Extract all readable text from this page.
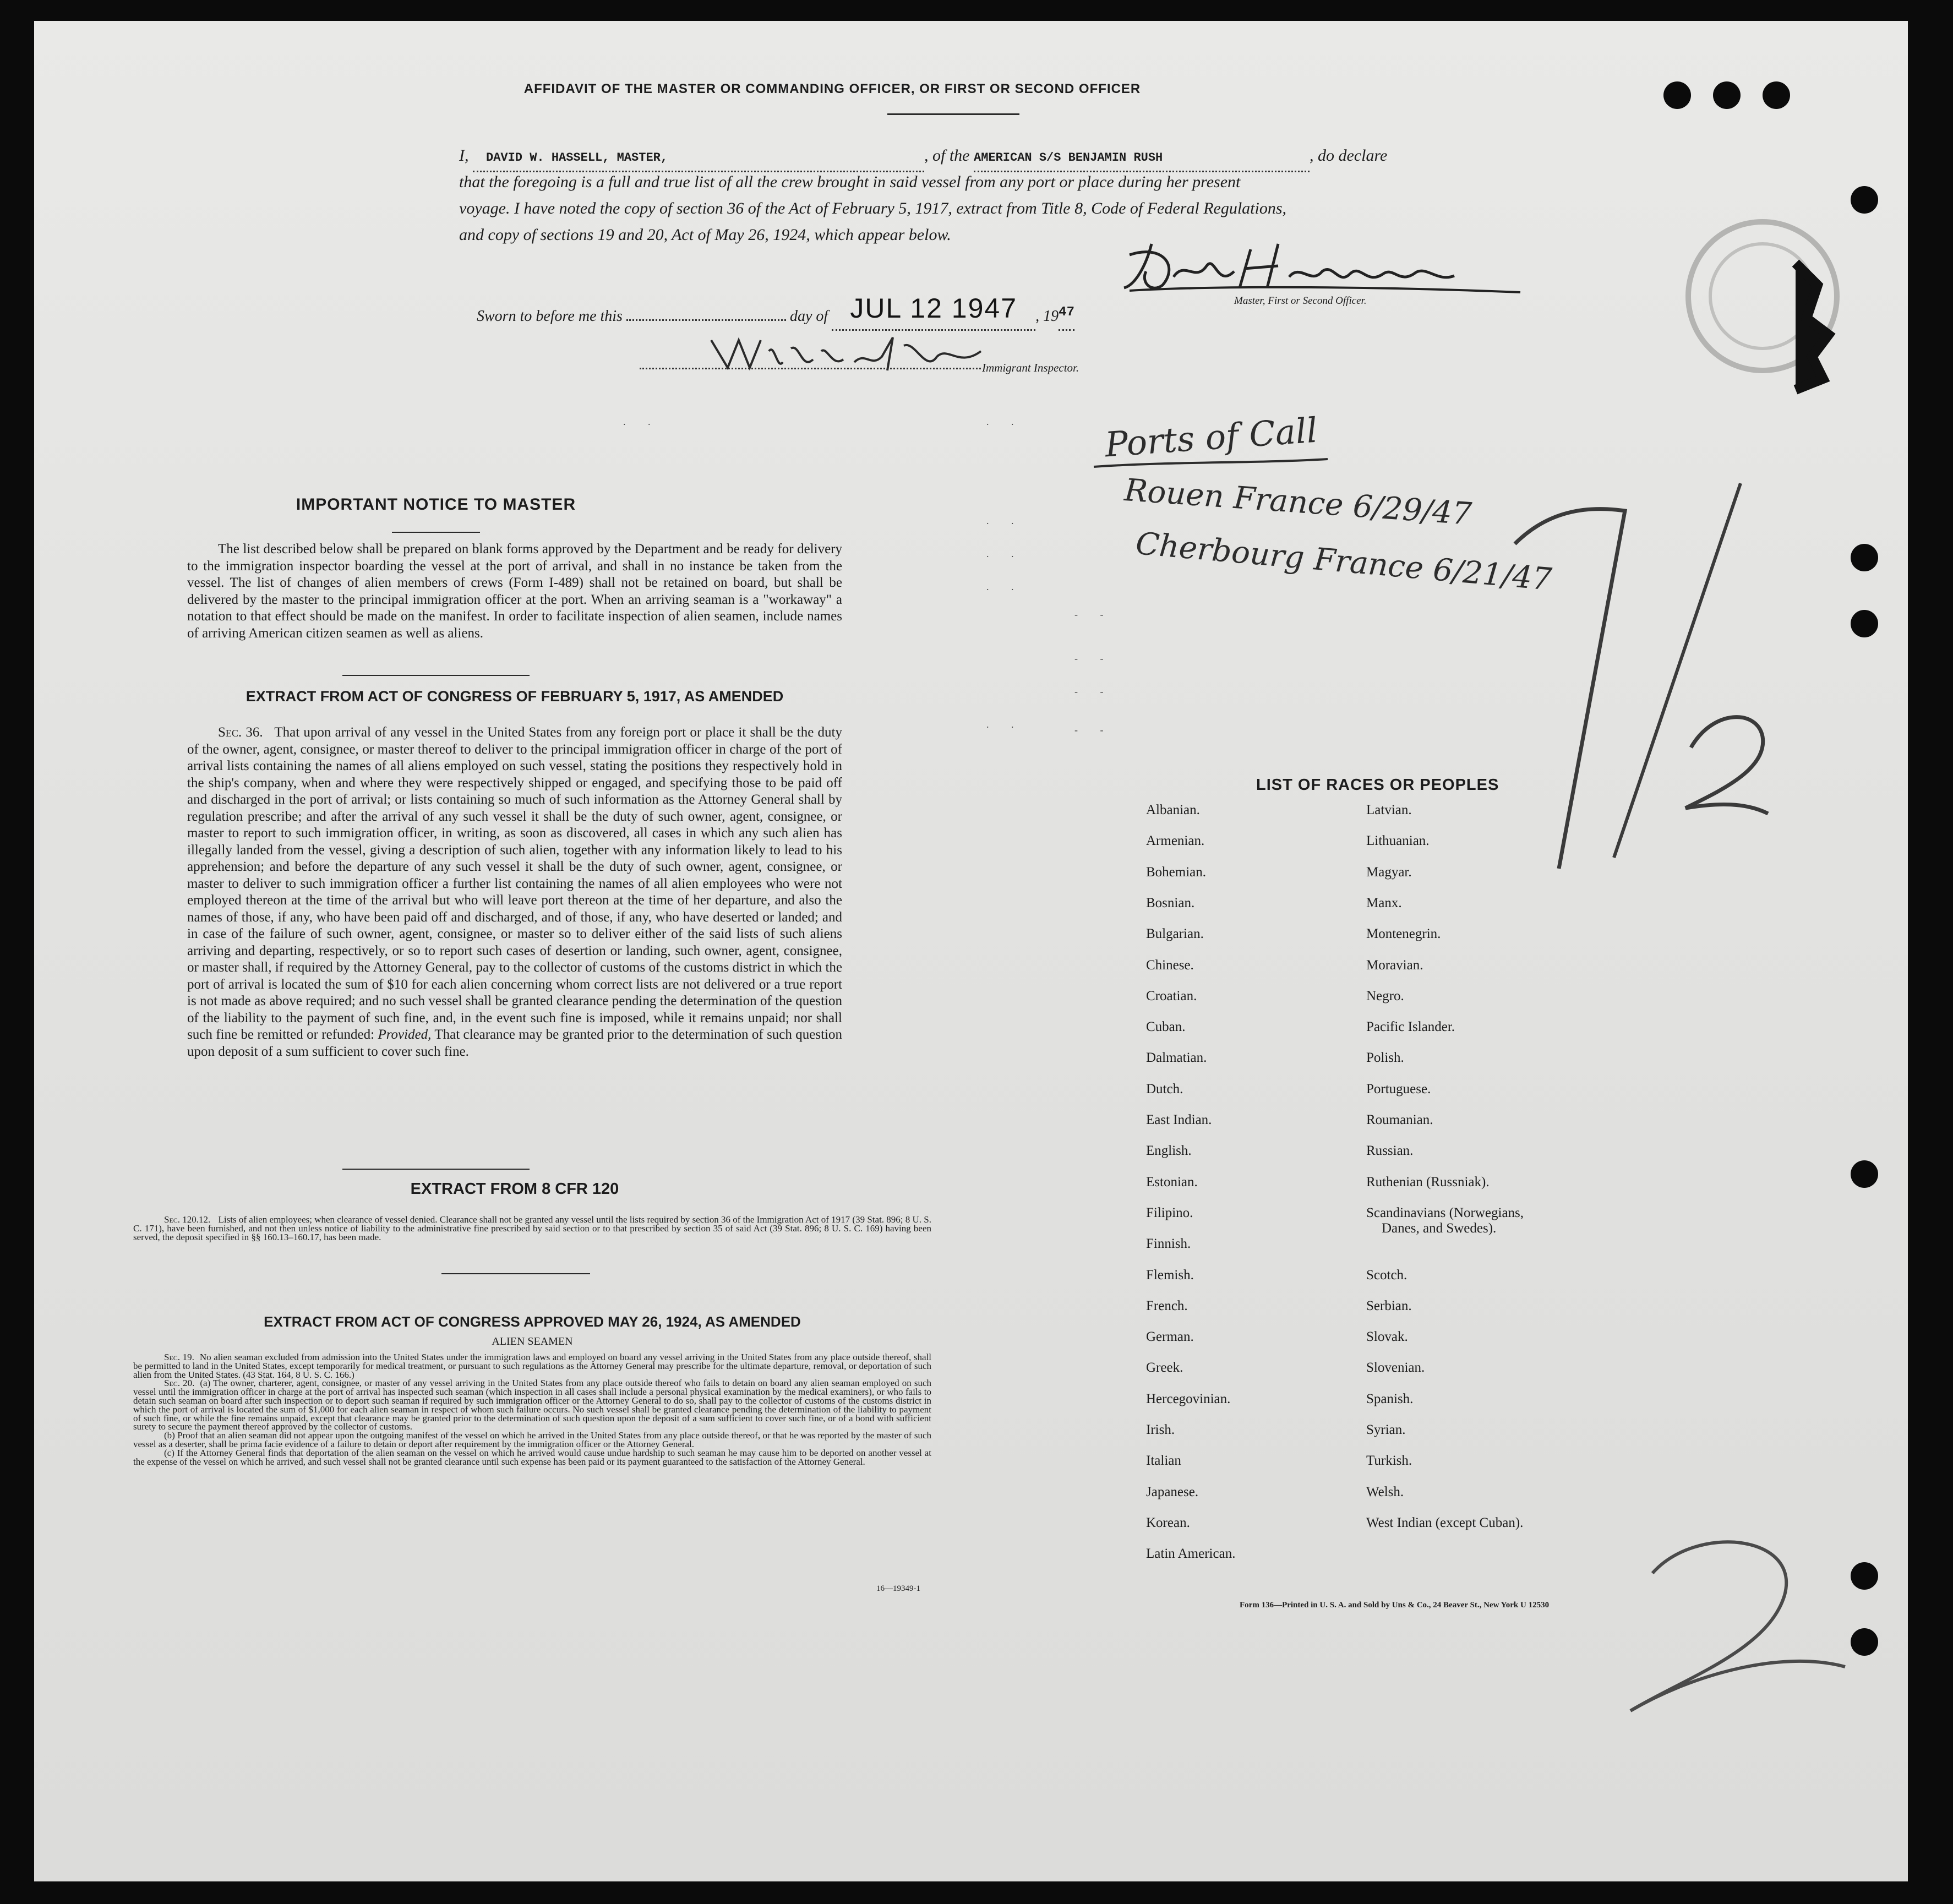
AFFIDAVIT OF THE MASTER OR COMMANDING OFFICER, OR FIRST OR SECOND OFFICER
I, DAVID W. HASSELL, MASTER,	, of the AMERICAN S/S BENJAMIN RUSH	, do declare
that the foregoing is a full and true list of all the crew brought in said vessel from any port or place during her present
voyage. I have noted the copy of section 36 of the Act of February 5, 1917, extract from Title 8, Code of Federal Regulations,
and copy of sections 19 and 20, Act of May 26, 1924, which appear below.
Master, First or Second Officer.
Sworn to before me this	day of JUL 12 1947 , 1947
Immigrant Inspector.
. .	. .
. .
. .
. .
. .
- -
- -
- -
- -
Ports of Call
Rouen France 6/29/47
Cherbourg France 6/21/47
IMPORTANT NOTICE TO MASTER
The list described below shall be prepared on blank forms approved by the Department and be ready for delivery to the immigration inspector boarding the vessel at the port of arrival, and shall in no instance be taken from the vessel. The list of changes of alien members of crews (Form I-489) shall not be retained on board, but shall be delivered by the master to the principal immigration officer at the port. When an arriving seaman is a "workaway" a notation to that effect should be made on the manifest. In order to facilitate inspection of alien seamen, include names of arriving American citizen seamen as well as aliens.
EXTRACT FROM ACT OF CONGRESS OF FEBRUARY 5, 1917, AS AMENDED
Sec. 36. That upon arrival of any vessel in the United States from any foreign port or place it shall be the duty of the owner, agent, consignee, or master thereof to deliver to the principal immigration officer in charge of the port of arrival lists containing the names of all aliens employed on such vessel, stating the positions they respectively hold in the ship's company, when and where they were respectively shipped or engaged, and specifying those to be paid off and discharged in the port of arrival; or lists containing so much of such information as the Attorney General shall by regulation prescribe; and after the arrival of any such vessel it shall be the duty of such owner, agent, consignee, or master to report to such immigration officer, in writing, as soon as discovered, all cases in which any such alien has illegally landed from the vessel, giving a description of such alien, together with any information likely to lead to his apprehension; and before the departure of any such vessel it shall be the duty of such owner, agent, consignee, or master to deliver to such immigration officer a further list containing the names of all alien employees who were not employed thereon at the time of the arrival but who will leave port thereon at the time of her departure, and also the names of those, if any, who have been paid off and discharged, and of those, if any, who have deserted or landed; and in case of the failure of such owner, agent, consignee, or master so to deliver either of the said lists of such aliens arriving and departing, respectively, or so to report such cases of desertion or landing, such owner, agent, consignee, or master shall, if required by the Attorney General, pay to the collector of customs of the customs district in which the port of arrival is located the sum of $10 for each alien concerning whom correct lists are not delivered or a true report is not made as above required; and no such vessel shall be granted clearance pending the determination of the question of the liability to the payment of such fine, and, in the event such fine is imposed, while it remains unpaid; nor shall such fine be remitted or refunded: Provided, That clearance may be granted prior to the determination of such question upon deposit of a sum sufficient to cover such fine.
EXTRACT FROM 8 CFR 120
Sec. 120.12. Lists of alien employees; when clearance of vessel denied. Clearance shall not be granted any vessel until the lists required by section 36 of the Immigration Act of 1917 (39 Stat. 896; 8 U. S. C. 171), have been furnished, and not then unless notice of liability to the administrative fine prescribed by said section or to that prescribed by section 35 of said Act (39 Stat. 896; 8 U. S. C. 169) having been served, the deposit specified in §§ 160.13–160.17, has been made.
EXTRACT FROM ACT OF CONGRESS APPROVED MAY 26, 1924, AS AMENDED
ALIEN SEAMEN
Sec. 19. No alien seaman excluded from admission into the United States under the immigration laws and employed on board any vessel arriving in the United States from any place outside thereof, shall be permitted to land in the United States, except temporarily for medical treatment, or pursuant to such regulations as the Attorney General may prescribe for the ultimate departure, removal, or deportation of such alien from the United States. (43 Stat. 164, 8 U. S. C. 166.)
Sec. 20. (a) The owner, charterer, agent, consignee, or master of any vessel arriving in the United States from any place outside thereof who fails to detain on board any alien seaman employed on such vessel until the immigration officer in charge at the port of arrival has inspected such seaman (which inspection in all cases shall include a personal physical examination by the medical examiners), or who fails to detain such seaman on board after such inspection or to deport such seaman if required by such immigration officer or the Attorney General to do so, shall pay to the collector of customs of the customs district in which the port of arrival is located the sum of $1,000 for each alien seaman in respect of whom such failure occurs. No such vessel shall be granted clearance pending the determination of the liability to payment of such fine, or while the fine remains unpaid, except that clearance may be granted prior to the determination of such question upon the deposit of a sum sufficient to cover such fine, or of a bond with sufficient surety to secure the payment thereof approved by the collector of customs.
(b) Proof that an alien seaman did not appear upon the outgoing manifest of the vessel on which he arrived in the United States from any place outside thereof, or that he was reported by the master of such vessel as a deserter, shall be prima facie evidence of a failure to detain or deport after requirement by the immigration officer or the Attorney General.
(c) If the Attorney General finds that deportation of the alien seaman on the vessel on which he arrived would cause undue hardship to such seaman he may cause him to be deported on another vessel at the expense of the vessel on which he arrived, and such vessel shall not be granted clearance until such expense has been paid or its payment guaranteed to the satisfaction of the Attorney General.
16—19349-1
LIST OF RACES OR PEOPLES
Form 136—Printed in U. S. A. and Sold by Uns & Co., 24 Beaver St., New York U 12530
Albanian.
Armenian.
Bohemian.
Bosnian.
Bulgarian.
Chinese.
Croatian.
Cuban.
Dalmatian.
Dutch.
East Indian.
English.
Estonian.
Filipino.
Finnish.
Flemish.
French.
German.
Greek.
Hercegovinian.
Irish.
Italian
Japanese.
Korean.
Latin American.
Latvian.
Lithuanian.
Magyar.
Manx.
Montenegrin.
Moravian.
Negro.
Pacific Islander.
Polish.
Portuguese.
Roumanian.
Russian.
Ruthenian (Russniak).
Scandinavians (Norwegians,
Danes, and Swedes).
Scotch.
Serbian.
Slovak.
Slovenian.
Spanish.
Syrian.
Turkish.
Welsh.
West Indian (except Cuban).
